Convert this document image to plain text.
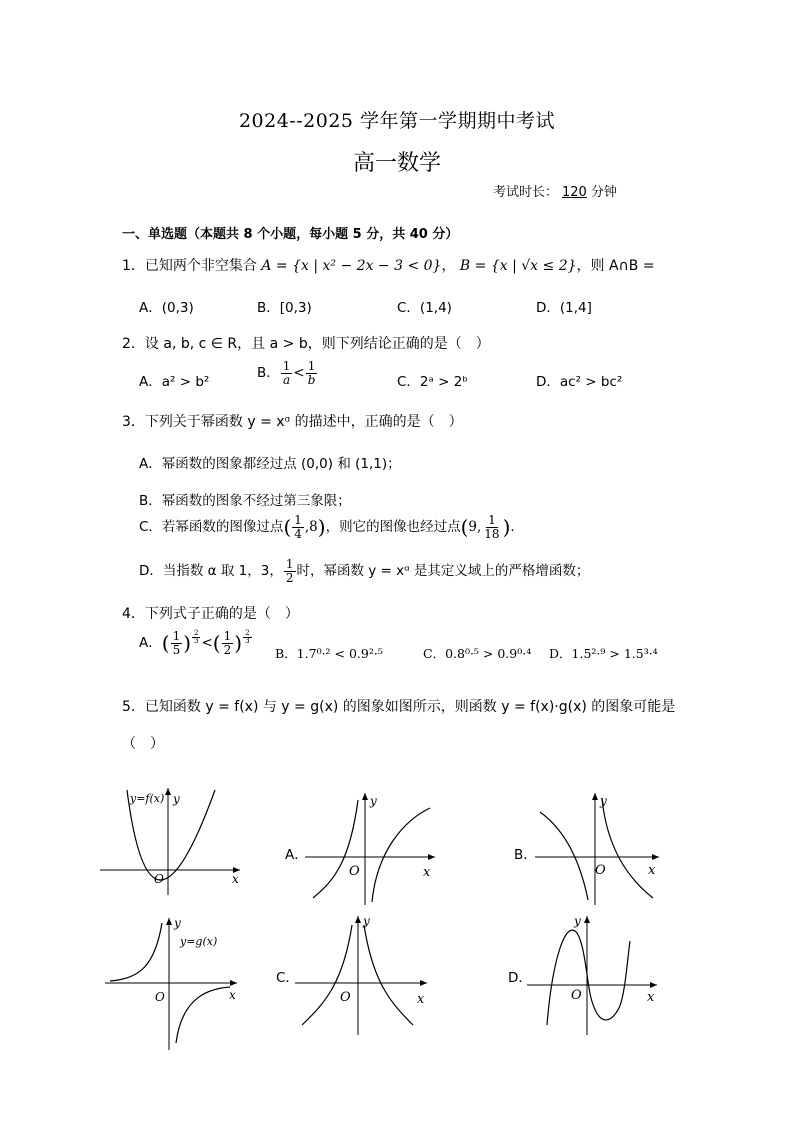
2024--2025 学年第一学期期中考试
高一数学
考试时长： 120 分钟
一、单选题（本题共 8 个小题，每小题 5 分，共 40 分）
1．已知两个非空集合 A = {x | x² − 2x − 3 < 0}， B = {x | √x ≤ 2}，则 A∩B =
A．(0,3)	B．[0,3)	C．(1,4)	D．(1,4]
2．设 a, b, c ∈ R，且 a > b，则下列结论正确的是（　）
A．a² > b²
B． $\frac{1}{a} < \frac{1}{b}$	C．2ᵃ > 2ᵇ	D．ac² > bc²
3．下列关于幂函数 y = xᵅ 的描述中，正确的是（　）
A．幂函数的图象都经过点 (0,0) 和 (1,1)；
B．幂函数的图象不经过第三象限；
C．若幂函数的图像过点( $\frac{1}{4} ,8$)，则它的图像也经过点(9, $\frac{1}{18}$ ).
D．当指数 α 取 1，3， $\frac{1}{2}$ 时，幂函数 y = xᵅ 是其定义域上的严格增函数；
4．下列式子正确的是（　）
A．( $\frac{1}{5}$ ) $\frac{2}{3}$ <( $\frac{1}{2}$ ) $\frac{2}{3}$
B．1.7⁰·² < 0.9²·⁵	C．0.8⁰·⁵ > 0.9⁰·⁴ D．1.5²·⁹ > 1.5³·⁴
5．已知函数 y = f(x) 与 y = g(x) 的图象如图所示，则函数 y = f(x)·g(x) 的图象可能是
（　）
y=f(x) y
O	x
y=g(x)
y
O	x
A．
y
O	x
B．
y
O	x
C．
y
O	x
D．
y
O	x
